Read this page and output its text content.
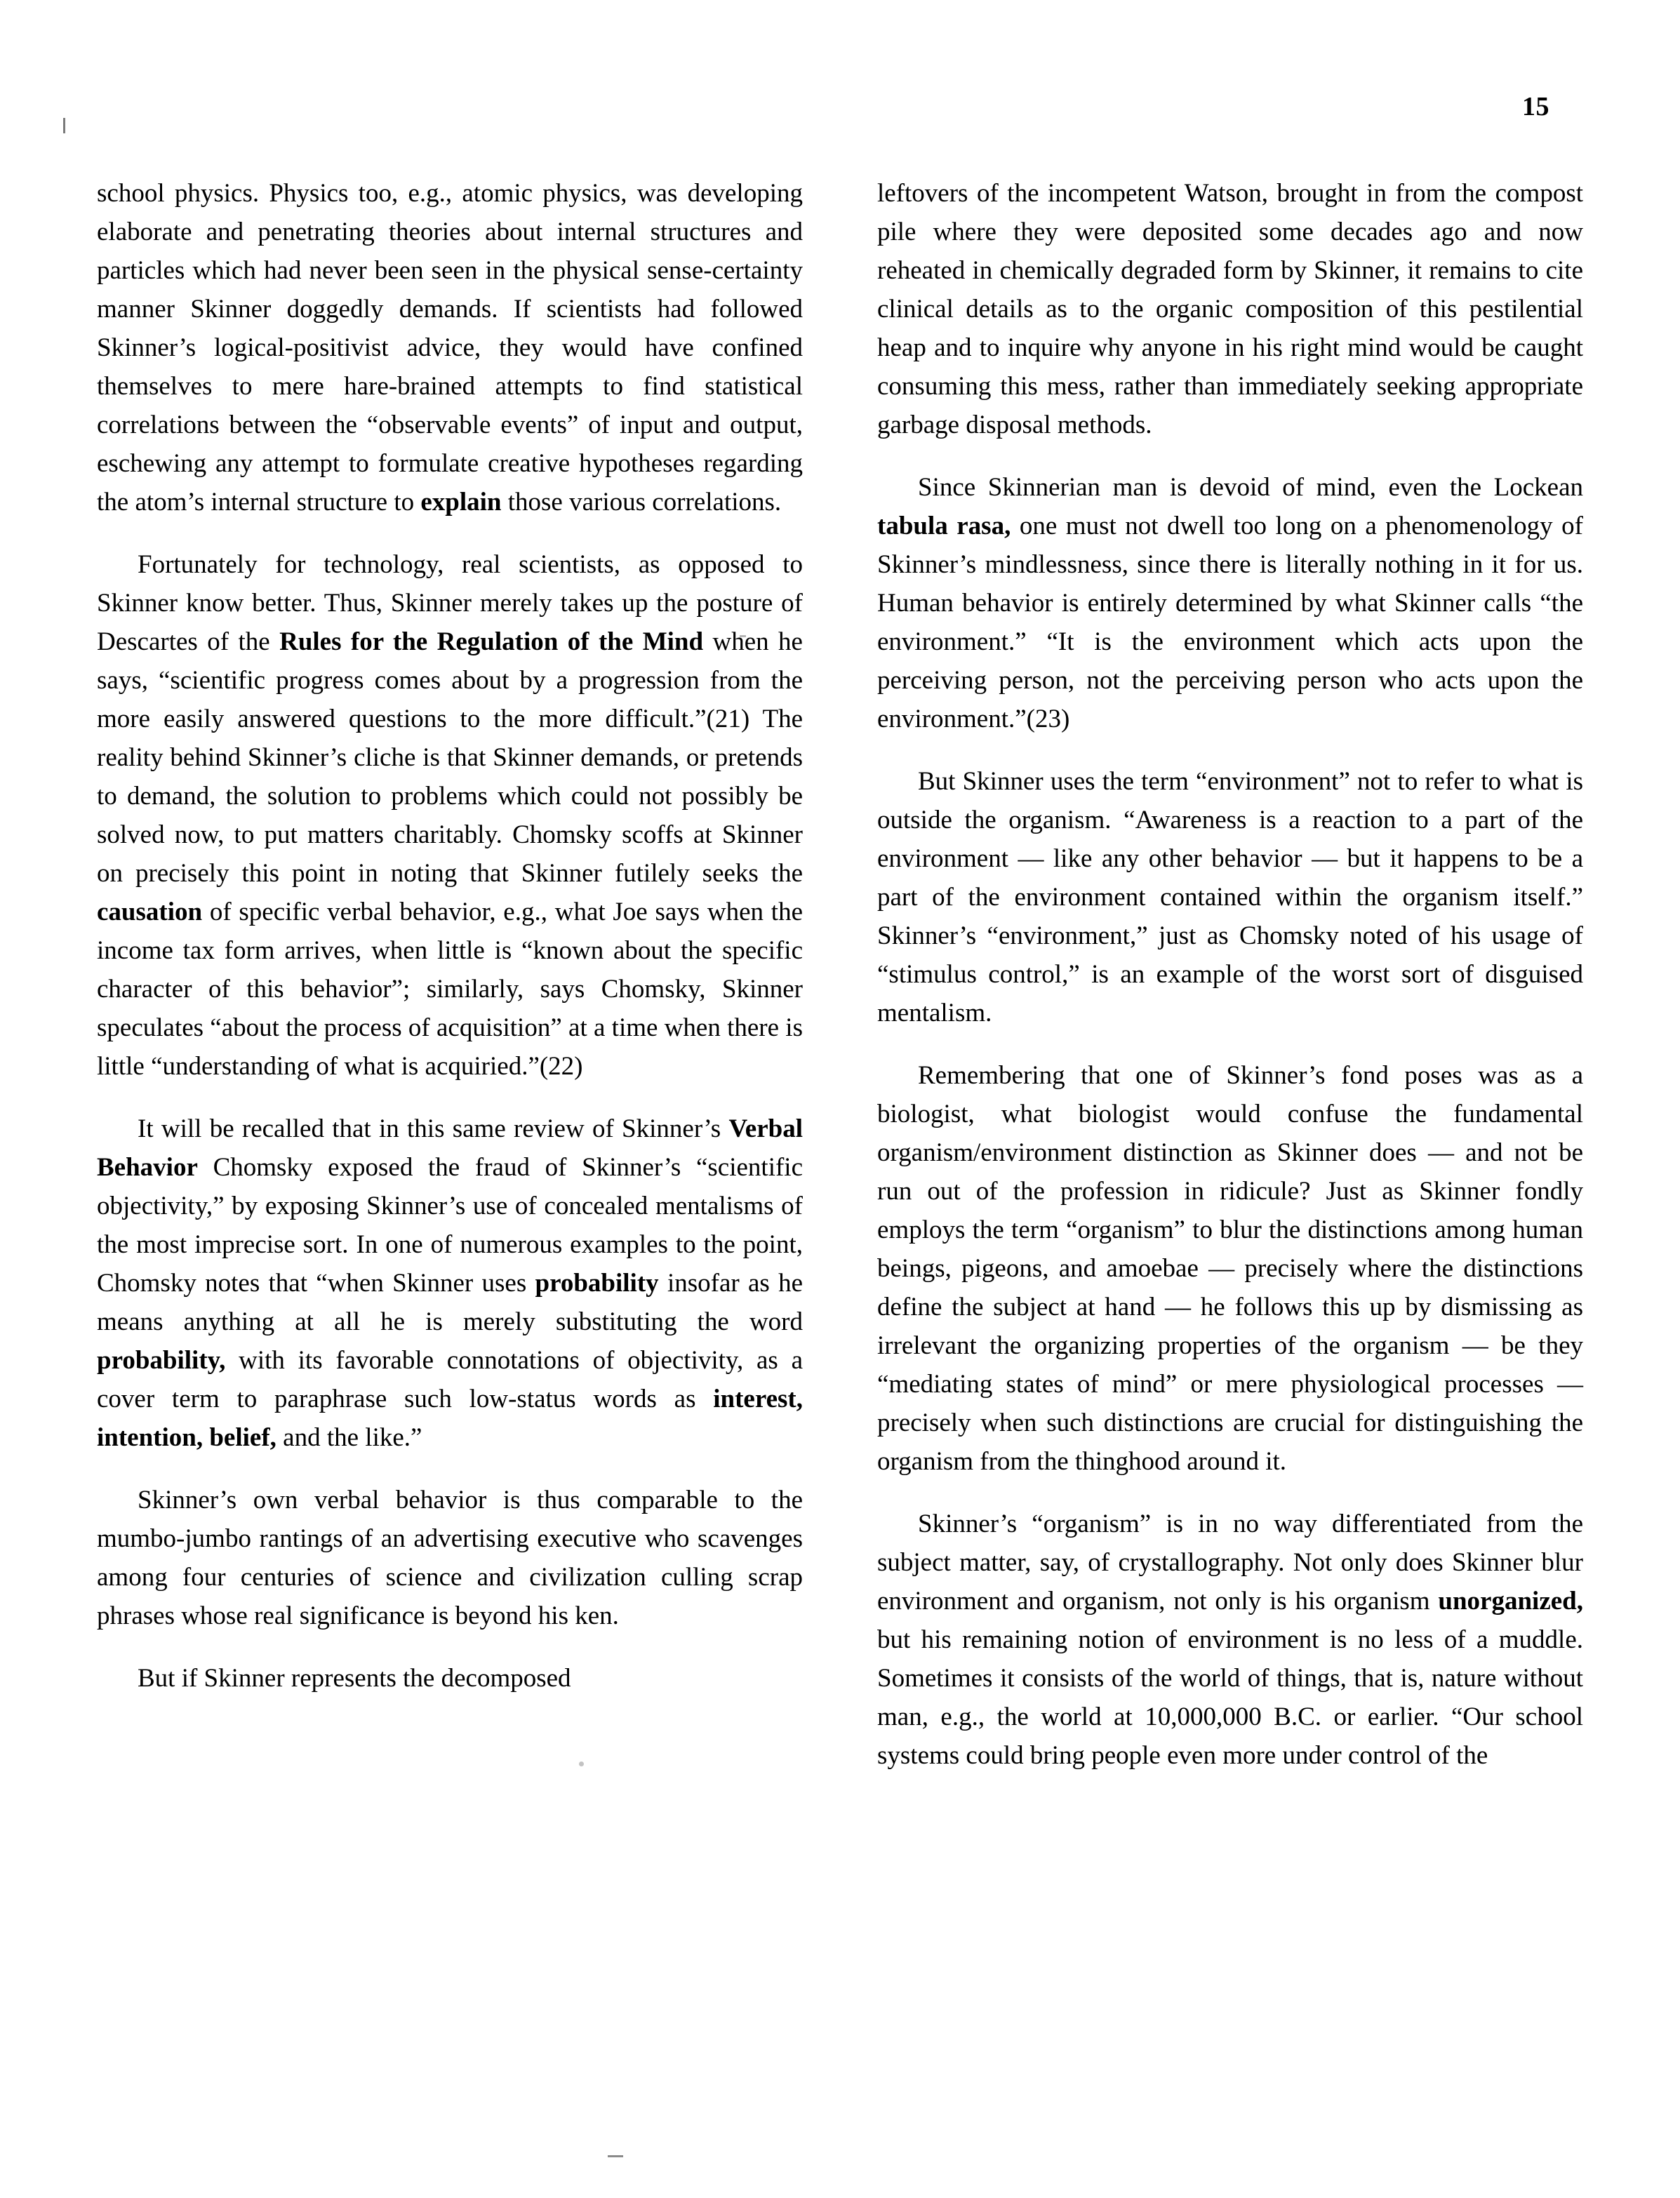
15

school physics. Physics too, e.g., atomic physics, was developing elaborate and penetrating theories about internal structures and particles which had never been seen in the physical sense-certainty manner Skinner doggedly demands. If scientists had followed Skinner’s logical-positivist advice, they would have confined themselves to mere hare-brained attempts to find statistical correlations between the “observable events” of input and output, eschewing any attempt to formulate creative hypotheses regarding the atom’s internal structure to explain those various correlations.

Fortunately for technology, real scientists, as opposed to Skinner know better. Thus, Skinner merely takes up the posture of Descartes of the Rules for the Regulation of the Mind when he says, “scientific progress comes about by a progression from the more easily answered questions to the more difficult.”(21) The reality behind Skinner’s cliche is that Skinner demands, or pretends to demand, the solution to problems which could not possibly be solved now, to put matters charitably. Chomsky scoffs at Skinner on precisely this point in noting that Skinner futilely seeks the causation of specific verbal behavior, e.g., what Joe says when the income tax form arrives, when little is “known about the specific character of this behavior”; similarly, says Chomsky, Skinner speculates “about the process of acquisition” at a time when there is little “understanding of what is acquiried.”(22)

It will be recalled that in this same review of Skinner’s Verbal Behavior Chomsky exposed the fraud of Skinner’s “scientific objectivity,” by exposing Skinner’s use of concealed mentalisms of the most imprecise sort. In one of numerous examples to the point, Chomsky notes that “when Skinner uses probability insofar as he means anything at all he is merely substituting the word probability, with its favorable connotations of objectivity, as a cover term to paraphrase such low-status words as interest, intention, belief, and the like.”

Skinner’s own verbal behavior is thus comparable to the mumbo-jumbo rantings of an advertising executive who scavenges among four centuries of science and civilization culling scrap phrases whose real significance is beyond his ken.

But if Skinner represents the decomposed

leftovers of the incompetent Watson, brought in from the compost pile where they were deposited some decades ago and now reheated in chemically degraded form by Skinner, it remains to cite clinical details as to the organic composition of this pestilential heap and to inquire why anyone in his right mind would be caught consuming this mess, rather than immediately seeking appropriate garbage disposal methods.

Since Skinnerian man is devoid of mind, even the Lockean tabula rasa, one must not dwell too long on a phenomenology of Skinner’s mindlessness, since there is literally nothing in it for us. Human behavior is entirely determined by what Skinner calls “the environment.” “It is the environment which acts upon the perceiving person, not the perceiving person who acts upon the environment.”(23)

But Skinner uses the term “environment” not to refer to what is outside the organism. “Awareness is a reaction to a part of the environment — like any other behavior — but it happens to be a part of the environment contained within the organism itself.” Skinner’s “environment,” just as Chomsky noted of his usage of “stimulus control,” is an example of the worst sort of disguised mentalism.

Remembering that one of Skinner’s fond poses was as a biologist, what biologist would confuse the fundamental organism/environment distinction as Skinner does — and not be run out of the profession in ridicule? Just as Skinner fondly employs the term “organism” to blur the distinctions among human beings, pigeons, and amoebae — precisely where the distinctions define the subject at hand — he follows this up by dismissing as irrelevant the organizing properties of the organism — be they “mediating states of mind” or mere physiological processes — precisely when such distinctions are crucial for distinguishing the organism from the thinghood around it.

Skinner’s “organism” is in no way differentiated from the subject matter, say, of crystallography. Not only does Skinner blur environment and organism, not only is his organism unorganized, but his remaining notion of environment is no less of a muddle. Sometimes it consists of the world of things, that is, nature without man, e.g., the world at 10,000,000 B.C. or earlier. “Our school systems could bring people even more under control of the
